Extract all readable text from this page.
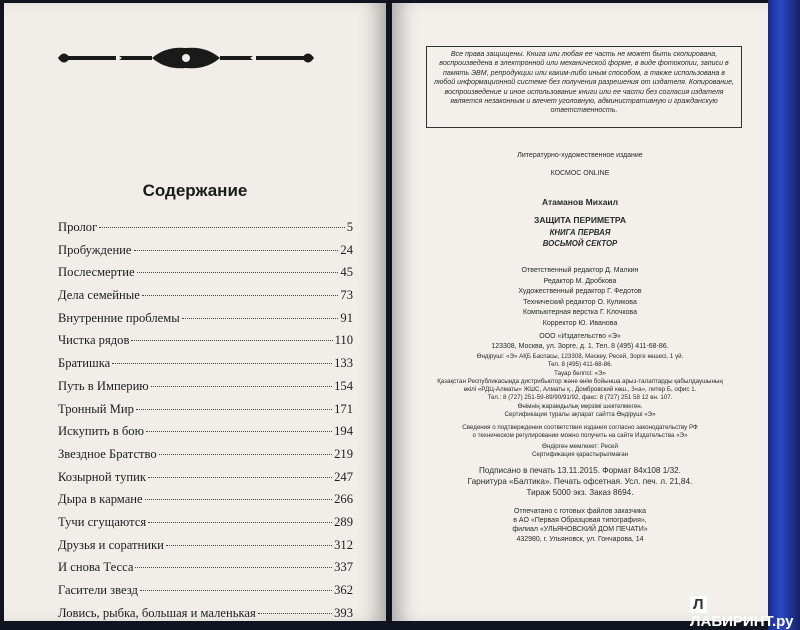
Содержание
Пролог	5
Пробуждение	24
Послесмертие	45
Дела семейные	73
Внутренние проблемы	91
Чистка рядов	110
Братишка	133
Путь в Империю	154
Тронный Мир	171
Искупить в бою	194
Звездное Братство	219
Козырной тупик	247
Дыра в кармане	266
Тучи сгущаются	289
Друзья и соратники	312
И снова Тесса	337
Гасители звезд	362
Ловись, рыбка, большая и маленькая	393
Все права защищены. Книга или любая ее часть не может быть скопирована, воспроизведена в электронной или механической форме, в виде фотокопии, записи в память ЭВМ, репродукции или каким-либо иным способом, а также использована в любой информационной системе без получения разрешения от издателя. Копирование, воспроизведение и иное использование книги или ее части без согласия издателя является незаконным и влечет уголовную, административную и гражданскую ответственность.
Литературно-художественное издание
КОСМОС ONLINE
Атаманов Михаил
ЗАЩИТА ПЕРИМЕТРА
КНИГА ПЕРВАЯ
ВОСЬМОЙ СЕКТОР
Ответственный редактор Д. Малкин
Редактор М. Дробкова
Художественный редактор Г. Федотов
Технический редактор О. Куликова
Компьютерная верстка Г. Клочкова
Корректор Ю. Иванова
ООО «Издательство «Э»
123308, Москва, ул. Зорге, д. 1. Тел. 8 (495) 411-68-86.
Өндіруші: «Э» АҚБ Баспасы, 123308, Мәскеу, Ресей, Зорге көшесі, 1 үй.
Тел. 8 (495) 411-68-86.
Тауар белгісі: «Э»
Қазақстан Республикасында дистрибьютор және өнім бойынша арыз-талаптарды қабылдаушының
өкілі «РДЦ-Алматы» ЖШС, Алматы қ., Домбровский көш., 3«а», литер Б, офис 1.
Тел.: 8 (727) 251-59-89/90/91/92, факс: 8 (727) 251 58 12 вн. 107.
Өнімнің жарамдылық мерзімі шектелмеген.
Сертификация туралы ақпарат сайтта Өндіруші «Э»
Сведения о подтверждении соответствия издания согласно законодательству РФ
о техническом регулировании можно получить на сайте Издательства «Э»
Өндірген мемлекет: Ресей
Сертификация қарастырылмаған
Подписано в печать 13.11.2015. Формат 84х108 1/32.
Гарнитура «Балтика». Печать офсетная. Усл. печ. л. 21,84.
Тираж 5000 экз. Заказ 8694.
Отпечатано с готовых файлов заказчика
в АО «Первая Образцовая типография»,
филиал «УЛЬЯНОВСКИЙ ДОМ ПЕЧАТИ»
432980, г. Ульяновск, ул. Гончарова, 14
ЛЛАБИРИНТ.ру
